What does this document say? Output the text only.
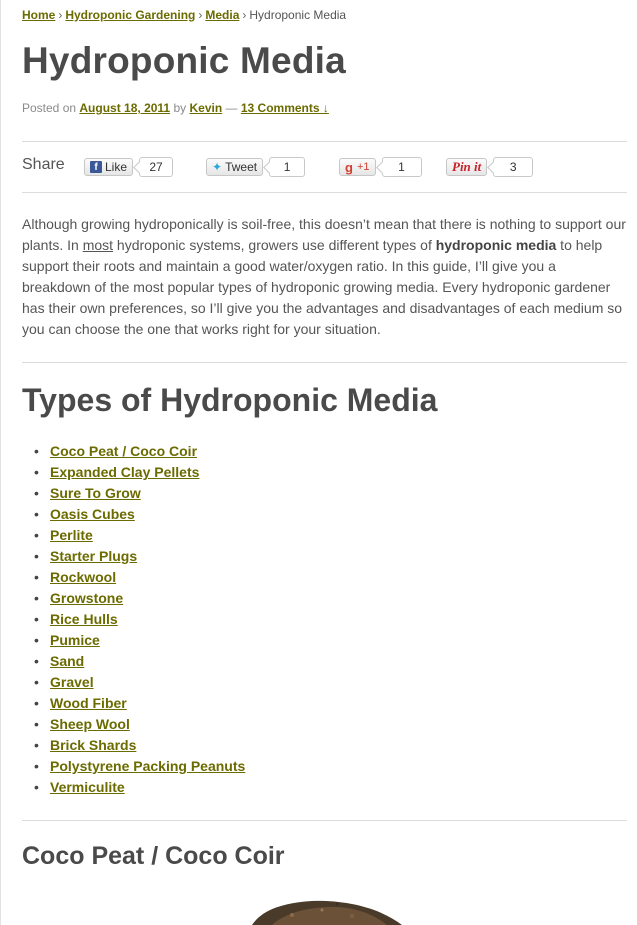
Home › Hydroponic Gardening › Media › Hydroponic Media
Hydroponic Media
Posted on August 18, 2011 by Kevin — 13 Comments ↓
Share	f Like	27	✦ Tweet	1	g +1	1	Pin it	3

Although growing hydroponically is soil-free, this doesn’t mean that there is nothing to support our plants. In most hydroponic systems, growers use different types of hydroponic media to help support their roots and maintain a good water/oxygen ratio. In this guide, I’ll give you a breakdown of the most popular types of hydroponic growing media. Every hydroponic gardener has their own preferences, so I’ll give you the advantages and disadvantages of each medium so you can choose the one that works right for your situation.

Types of Hydroponic Media
• Coco Peat / Coco Coir
• Expanded Clay Pellets
• Sure To Grow
• Oasis Cubes
• Perlite
• Starter Plugs
• Rockwool
• Growstone
• Rice Hulls
• Pumice
• Sand
• Gravel
• Wood Fiber
• Sheep Wool
• Brick Shards
• Polystyrene Packing Peanuts
• Vermiculite
Coco Peat / Coco Coir
